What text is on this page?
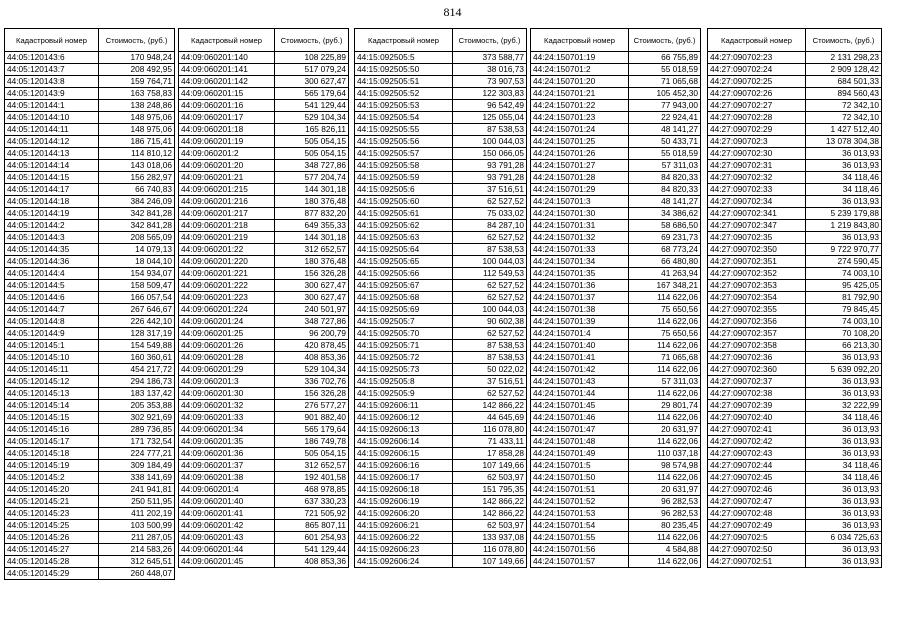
814
Кадастровый номер	Стоимость, (руб.)
44:05:120143:6	170 948,24
44:05:120143:7	208 492,95
44:05:120143:8	159 764,71
44:05:120143:9	163 758,83
44:05:120144:1	138 248,86
44:05:120144:10	148 975,06
44:05:120144:11	148 975,06
44:05:120144:12	186 715,41
44:05:120144:13	114 810,12
44:05:120144:14	143 018,06
44:05:120144:15	156 282,97
44:05:120144:17	66 740,83
44:05:120144:18	384 246,09
44:05:120144:19	342 841,28
44:05:120144:2	342 841,28
44:05:120144:3	208 565,09
44:05:120144:35	14 079,13
44:05:120144:36	18 044,10
44:05:120144:4	154 934,07
44:05:120144:5	158 509,47
44:05:120144:6	166 057,54
44:05:120144:7	267 646,67
44:05:120144:8	226 442,10
44:05:120144:9	128 317,19
44:05:120145:1	154 549,88
44:05:120145:10	160 360,61
44:05:120145:11	454 217,72
44:05:120145:12	294 186,73
44:05:120145:13	183 137,42
44:05:120145:14	205 353,88
44:05:120145:15	302 921,69
44:05:120145:16	289 736,85
44:05:120145:17	171 732,54
44:05:120145:18	224 777,21
44:05:120145:19	309 184,49
44:05:120145:2	338 141,69
44:05:120145:20	241 941,81
44:05:120145:21	250 511,95
44:05:120145:23	411 202,19
44:05:120145:25	103 500,99
44:05:120145:26	211 287,05
44:05:120145:27	214 583,26
44:05:120145:28	312 645,51
44:05:120145:29	260 448,07
Кадастровый номер	Стоимость, (руб.)
44:09:060201:140	108 225,89
44:09:060201:141	517 079,24
44:09:060201:142	300 627,47
44:09:060201:15	565 179,64
44:09:060201:16	541 129,44
44:09:060201:17	529 104,34
44:09:060201:18	165 826,11
44:09:060201:19	505 054,15
44:09:060201:2	505 054,15
44:09:060201:20	348 727,86
44:09:060201:21	577 204,74
44:09:060201:215	144 301,18
44:09:060201:216	180 376,48
44:09:060201:217	877 832,20
44:09:060201:218	649 355,33
44:09:060201:219	144 301,18
44:09:060201:22	312 652,57
44:09:060201:220	180 376,48
44:09:060201:221	156 326,28
44:09:060201:222	300 627,47
44:09:060201:223	300 627,47
44:09:060201:224	240 501,97
44:09:060201:24	348 727,86
44:09:060201:25	96 200,79
44:09:060201:26	420 878,45
44:09:060201:28	408 853,36
44:09:060201:29	529 104,34
44:09:060201:3	336 702,76
44:09:060201:30	156 326,28
44:09:060201:32	276 577,27
44:09:060201:33	901 882,40
44:09:060201:34	565 179,64
44:09:060201:35	186 749,78
44:09:060201:36	505 054,15
44:09:060201:37	312 652,57
44:09:060201:38	192 401,58
44:09:060201:4	468 978,85
44:09:060201:40	637 330,23
44:09:060201:41	721 505,92
44:09:060201:42	865 807,11
44:09:060201:43	601 254,93
44:09:060201:44	541 129,44
44:09:060201:45	408 853,36
Кадастровый номер	Стоимость, (руб.)
44:15:092505:5	373 588,77
44:15:092505:50	38 016,73
44:15:092505:51	73 907,53
44:15:092505:52	122 303,83
44:15:092505:53	96 542,49
44:15:092505:54	125 055,04
44:15:092505:55	87 538,53
44:15:092505:56	100 044,03
44:15:092505:57	150 066,05
44:15:092505:58	93 791,28
44:15:092505:59	93 791,28
44:15:092505:6	37 516,51
44:15:092505:60	62 527,52
44:15:092505:61	75 033,02
44:15:092505:62	84 287,10
44:15:092505:63	62 527,52
44:15:092505:64	87 538,53
44:15:092505:65	100 044,03
44:15:092505:66	112 549,53
44:15:092505:67	62 527,52
44:15:092505:68	62 527,52
44:15:092505:69	100 044,03
44:15:092505:7	90 602,38
44:15:092505:70	62 527,52
44:15:092505:71	87 538,53
44:15:092505:72	87 538,53
44:15:092505:73	50 022,02
44:15:092505:8	37 516,51
44:15:092505:9	62 527,52
44:15:092606:11	142 866,22
44:15:092606:12	44 645,69
44:15:092606:13	116 078,80
44:15:092606:14	71 433,11
44:15:092606:15	17 858,28
44:15:092606:16	107 149,66
44:15:092606:17	62 503,97
44:15:092606:18	151 795,35
44:15:092606:19	142 866,22
44:15:092606:20	142 866,22
44:15:092606:21	62 503,97
44:15:092606:22	133 937,08
44:15:092606:23	116 078,80
44:15:092606:24	107 149,66
Кадастровый номер	Стоимость, (руб.)
44:24:150701:19	66 755,89
44:24:150701:2	55 018,59
44:24:150701:20	71 065,68
44:24:150701:21	105 452,30
44:24:150701:22	77 943,00
44:24:150701:23	22 924,41
44:24:150701:24	48 141,27
44:24:150701:25	50 433,71
44:24:150701:26	55 018,59
44:24:150701:27	57 311,03
44:24:150701:28	84 820,33
44:24:150701:29	84 820,33
44:24:150701:3	48 141,27
44:24:150701:30	34 386,62
44:24:150701:31	58 686,50
44:24:150701:32	69 231,73
44:24:150701:33	68 773,24
44:24:150701:34	66 480,80
44:24:150701:35	41 263,94
44:24:150701:36	167 348,21
44:24:150701:37	114 622,06
44:24:150701:38	75 650,56
44:24:150701:39	114 622,06
44:24:150701:4	75 650,56
44:24:150701:40	114 622,06
44:24:150701:41	71 065,68
44:24:150701:42	114 622,06
44:24:150701:43	57 311,03
44:24:150701:44	114 622,06
44:24:150701:45	29 801,74
44:24:150701:46	114 622,06
44:24:150701:47	20 631,97
44:24:150701:48	114 622,06
44:24:150701:49	110 037,18
44:24:150701:5	98 574,98
44:24:150701:50	114 622,06
44:24:150701:51	20 631,97
44:24:150701:52	96 282,53
44:24:150701:53	96 282,53
44:24:150701:54	80 235,45
44:24:150701:55	114 622,06
44:24:150701:56	4 584,88
44:24:150701:57	114 622,06
Кадастровый номер	Стоимость, (руб.)
44:27:090702:23	2 131 298,23
44:27:090702:24	2 909 128,42
44:27:090702:25	684 501,33
44:27:090702:26	894 560,43
44:27:090702:27	72 342,10
44:27:090702:28	72 342,10
44:27:090702:29	1 427 512,40
44:27:090702:3	13 078 304,38
44:27:090702:30	36 013,93
44:27:090702:31	36 013,93
44:27:090702:32	34 118,46
44:27:090702:33	34 118,46
44:27:090702:34	36 013,93
44:27:090702:341	5 239 179,88
44:27:090702:347	1 219 843,80
44:27:090702:35	36 013,93
44:27:090702:350	9 722 970,77
44:27:090702:351	274 590,45
44:27:090702:352	74 003,10
44:27:090702:353	95 425,05
44:27:090702:354	81 792,90
44:27:090702:355	79 845,45
44:27:090702:356	74 003,10
44:27:090702:357	70 108,20
44:27:090702:358	66 213,30
44:27:090702:36	36 013,93
44:27:090702:360	5 639 092,20
44:27:090702:37	36 013,93
44:27:090702:38	36 013,93
44:27:090702:39	32 222,99
44:27:090702:40	34 118,46
44:27:090702:41	36 013,93
44:27:090702:42	36 013,93
44:27:090702:43	36 013,93
44:27:090702:44	34 118,46
44:27:090702:45	34 118,46
44:27:090702:46	36 013,93
44:27:090702:47	36 013,93
44:27:090702:48	36 013,93
44:27:090702:49	36 013,93
44:27:090702:5	6 034 725,63
44:27:090702:50	36 013,93
44:27:090702:51	36 013,93
